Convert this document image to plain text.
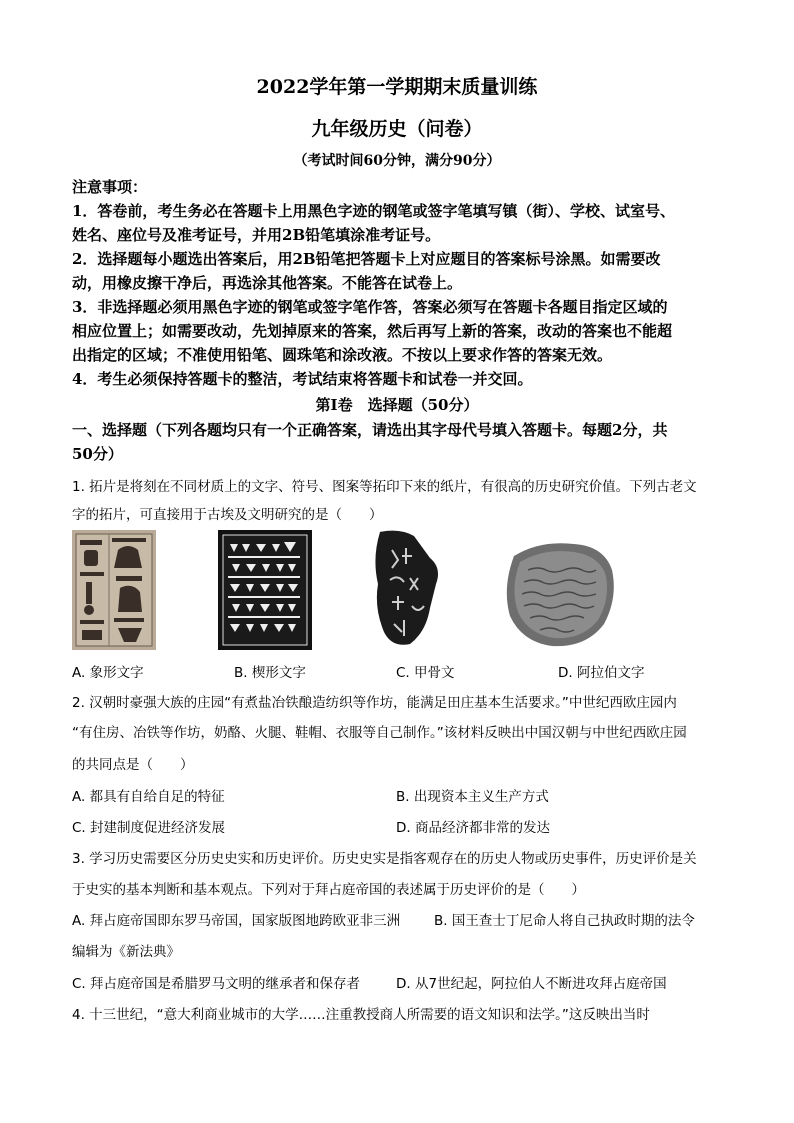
2022学年第一学期期末质量训练
九年级历史（问卷）
（考试时间60分钟，满分90分）
注意事项：
1．答卷前，考生务必在答题卡上用黑色字迹的钢笔或签字笔填写镇（街）、学校、试室号、
姓名、座位号及准考证号，并用2B铅笔填涂准考证号。
2．选择题每小题选出答案后，用2B铅笔把答题卡上对应题目的答案标号涂黑。如需要改
动，用橡皮擦干净后，再选涂其他答案。不能答在试卷上。
3．非选择题必须用黑色字迹的钢笔或签字笔作答，答案必须写在答题卡各题目指定区域的
相应位置上；如需要改动，先划掉原来的答案，然后再写上新的答案，改动的答案也不能超
出指定的区域；不准使用铅笔、圆珠笔和涂改液。不按以上要求作答的答案无效。
4．考生必须保持答题卡的整洁，考试结束将答题卡和试卷一并交回。
第Ⅰ卷　选择题（50分）
一、选择题（下列各题均只有一个正确答案，请选出其字母代号填入答题卡。每题2分，共
50分）
1. 拓片是将刻在不同材质上的文字、符号、图案等拓印下来的纸片，有很高的历史研究价值。下列古老文
字的拓片，可直接用于古埃及文明研究的是（　　）
A. 象形文字	B. 楔形文字	C. 甲骨文	D. 阿拉伯文字
2. 汉朝时豪强大族的庄园“有煮盐冶铁酿造纺织等作坊，能满足田庄基本生活要求。”中世纪西欧庄园内
“有住房、冶铁等作坊，奶酪、火腿、鞋帽、衣服等自己制作。”该材料反映出中国汉朝与中世纪西欧庄园
的共同点是（　　）
A. 都具有自给自足的特征	B. 出现资本主义生产方式
C. 封建制度促进经济发展	D. 商品经济都非常的发达
3. 学习历史需要区分历史史实和历史评价。历史史实是指客观存在的历史人物或历史事件，历史评价是关
于史实的基本判断和基本观点。下列对于拜占庭帝国的表述属于历史评价的是（　　）
A. 拜占庭帝国即东罗马帝国，国家版图地跨欧亚非三洲	B. 国王查士丁尼命人将自己执政时期的法令
编辑为《新法典》
C. 拜占庭帝国是希腊罗马文明的继承者和保存者	D. 从7世纪起，阿拉伯人不断进攻拜占庭帝国
4. 十三世纪，“意大利商业城市的大学……注重教授商人所需要的语文知识和法学。”这反映出当时
